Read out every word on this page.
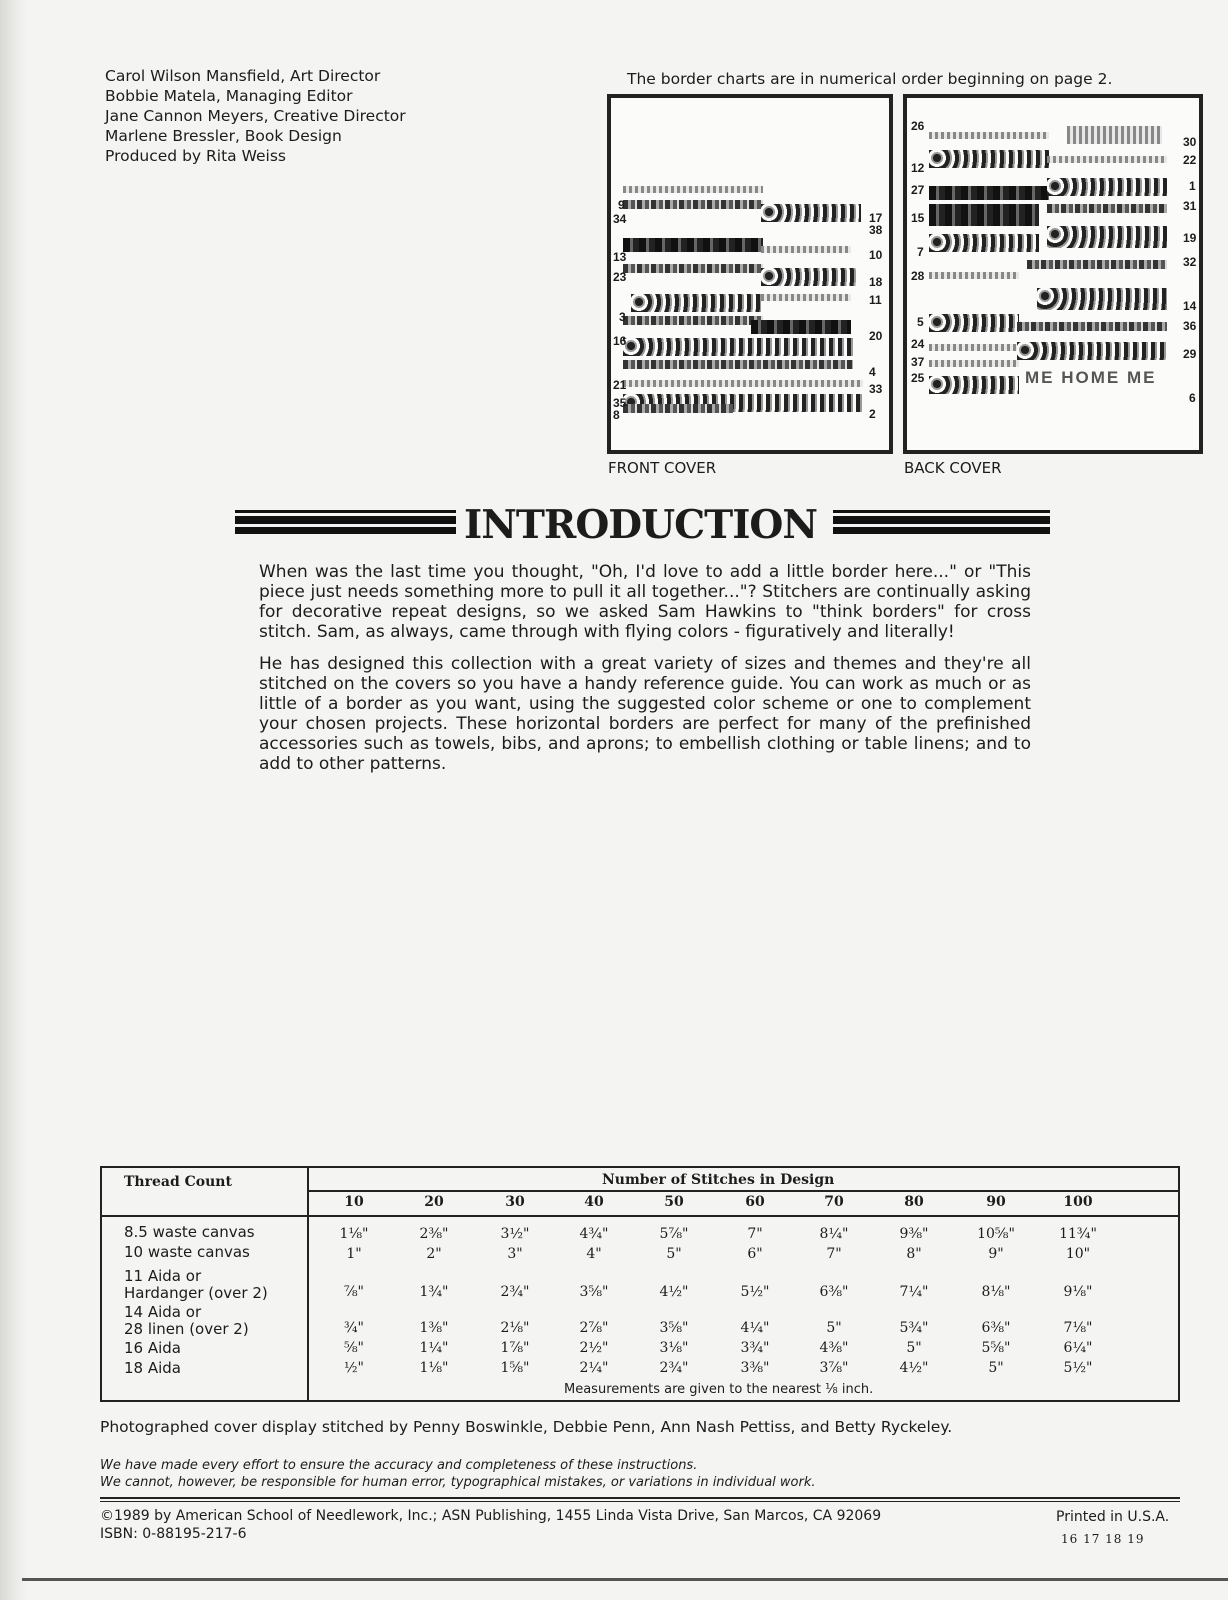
Carol Wilson Mansfield, Art Director
Bobbie Matela, Managing Editor
Jane Cannon Meyers, Creative Director
Marlene Bressler, Book Design
Produced by Rita Weiss
The border charts are in numerical order beginning on page 2.
9
34
13
23
3
16
21
35
8
17
38
10
18
11
20
4
33
2
FRONT COVER
ME HOME ME
26
12
27
15
7
28
5
24
37
25
30
22
1
31
19
32
14
36
29
6
BACK COVER
INTRODUCTION

When was the last time you thought, "Oh, I'd love to add a little border here..." or "This piece just needs something more to pull it all together..."? Stitchers are continually asking for decorative repeat designs, so we asked Sam Hawkins to "think borders" for cross stitch. Sam, as always, came through with flying colors - figuratively and literally!

He has designed this collection with a great variety of sizes and themes and they're all stitched on the covers so you have a handy reference guide. You can work as much or as little of a border as you want, using the suggested color scheme or one to complement your chosen projects. These horizontal borders are perfect for many of the prefinished accessories such as towels, bibs, and aprons; to embellish clothing or table linens; and to add to other patterns.

Thread Count	Number of Stitches in Design
10	20	30	40	50	60	70	80	90	100
8.5 waste canvas	1⅛"	2⅜"	3½"	4¾"	5⅞"	7"	8¼"	9⅜"	10⅝"	11¾"
10 waste canvas	1"	2"	3"	4"	5"	6"	7"	8"	9"	10"
11 Aida or
Hardanger (over 2)	⅞"	1¾"	2¾"	3⅝"	4½"	5½"	6⅜"	7¼"	8⅛"	9⅛"
14 Aida or
28 linen (over 2)	¾"	1⅜"	2⅛"	2⅞"	3⅝"	4¼"	5"	5¾"	6⅜"	7⅛"
16 Aida	⅝"	1¼"	1⅞"	2½"	3⅛"	3¾"	4⅜"	5"	5⅝"	6¼"
18 Aida	½"	1⅛"	1⅝"	2¼"	2¾"	3⅜"	3⅞"	4½"	5"	5½"
Measurements are given to the nearest ⅛ inch.
Photographed cover display stitched by Penny Boswinkle, Debbie Penn, Ann Nash Pettiss, and Betty Ryckeley.
We have made every effort to ensure the accuracy and completeness of these instructions.
We cannot, however, be responsible for human error, typographical mistakes, or variations in individual work.
©1989 by American School of Needlework, Inc.; ASN Publishing, 1455 Linda Vista Drive, San Marcos, CA 92069
ISBN: 0-88195-217-6
Printed in U.S.A.
16 17 18 19
